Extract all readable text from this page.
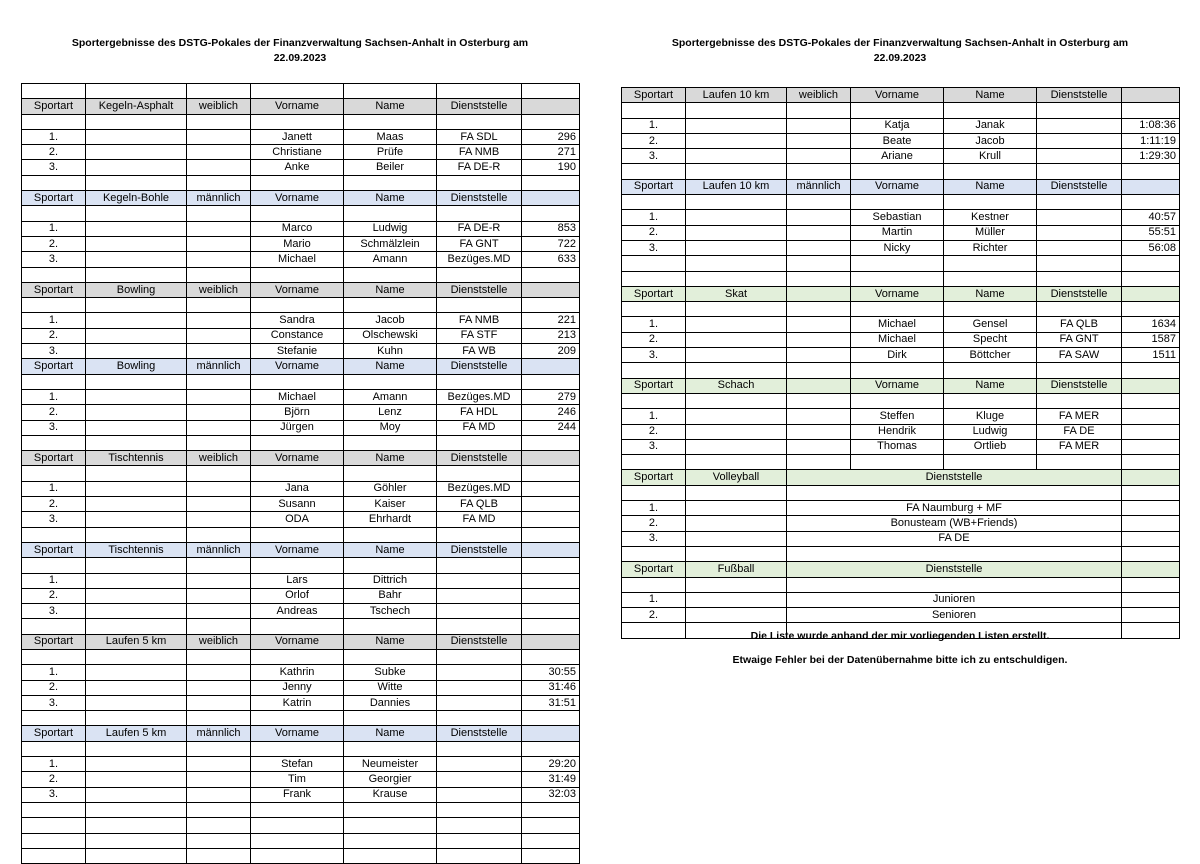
Sportergebnisse des DSTG-Pokales der Finanzverwaltung Sachsen-Anhalt in Osterburg am
22.09.2023
Sportergebnisse des DSTG-Pokales der Finanzverwaltung Sachsen-Anhalt in Osterburg am
22.09.2023

Sportart	Kegeln-Asphalt	weiblich	Vorname	Name	Dienststelle	

1.			Janett	Maas	FA SDL	296
2.			Christiane	Prüfe	FA NMB	271
3.			Anke	Beiler	FA DE-R	190

Sportart	Kegeln-Bohle	männlich	Vorname	Name	Dienststelle	

1.			Marco	Ludwig	FA DE-R	853
2.			Mario	Schmälzlein	FA GNT	722
3.			Michael	Amann	Bezüges.MD	633

Sportart	Bowling	weiblich	Vorname	Name	Dienststelle	

1.			Sandra	Jacob	FA NMB	221
2.			Constance	Olschewski	FA STF	213
3.			Stefanie	Kuhn	FA WB	209
Sportart	Bowling	männlich	Vorname	Name	Dienststelle	

1.			Michael	Amann	Bezüges.MD	279
2.			Björn	Lenz	FA HDL	246
3.			Jürgen	Moy	FA MD	244

Sportart	Tischtennis	weiblich	Vorname	Name	Dienststelle	

1.			Jana	Göhler	Bezüges.MD	
2.			Susann	Kaiser	FA QLB	
3.			ODA	Ehrhardt	FA MD	

Sportart	Tischtennis	männlich	Vorname	Name	Dienststelle	

1.			Lars	Dittrich		
2.			Orlof	Bahr		
3.			Andreas	Tschech		

Sportart	Laufen 5 km	weiblich	Vorname	Name	Dienststelle	

1.			Kathrin	Subke		30:55
2.			Jenny	Witte		31:46
3.			Katrin	Dannies		31:51

Sportart	Laufen 5 km	männlich	Vorname	Name	Dienststelle	

1.			Stefan	Neumeister		29:20
2.			Tim	Georgier		31:49
3.			Frank	Krause		32:03

Sportart	Laufen 10 km	weiblich	Vorname	Name	Dienststelle	

1.			Katja	Janak		1:08:36
2.			Beate	Jacob		1:11:19
3.			Ariane	Krull		1:29:30

Sportart	Laufen 10 km	männlich	Vorname	Name	Dienststelle	

1.			Sebastian	Kestner		40:57
2.			Martin	Müller		55:51
3.			Nicky	Richter		56:08

Sportart	Skat		Vorname	Name	Dienststelle	

1.			Michael	Gensel	FA QLB	1634
2.			Michael	Specht	FA GNT	1587
3.			Dirk	Böttcher	FA SAW	1511

Sportart	Schach		Vorname	Name	Dienststelle	

1.			Steffen	Kluge	FA MER	
2.			Hendrik	Ludwig	FA DE	
3.			Thomas	Ortlieb	FA MER	

Sportart	Volleyball	Dienststelle				

1.		FA Naumburg + MF				
2.		Bonusteam (WB+Friends)				
3.		FA DE				

Sportart	Fußball	Dienststelle				

1.		Junioren				
2.		Senioren				

Die Liste wurde anhand der mir vorliegenden Listen erstellt.
Etwaige Fehler bei der Datenübernahme bitte ich zu entschuldigen.
